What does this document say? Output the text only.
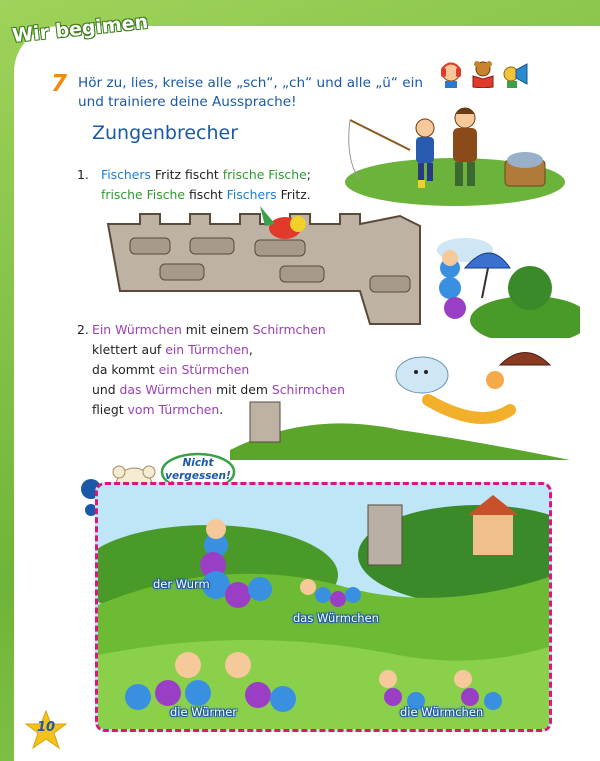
Wir begimen
7 Hör zu, lies, kreise alle „sch“, „ch“ und alle „ü“ ein
und trainiere deine Aussprache!
Zungenbrecher
1. Fischers Fritz fischt frische Fische;
frische Fische fischt Fischers Fritz.
2. Ein Würmchen mit einem Schirmchen
klettert auf ein Türmchen,
da kommt ein Stürmchen
und das Würmchen mit dem Schirmchen
fliegt vom Türmchen.
Nicht
vergessen!
der Wurm
das Würmchen
die Würmer	die Würmchen
10
